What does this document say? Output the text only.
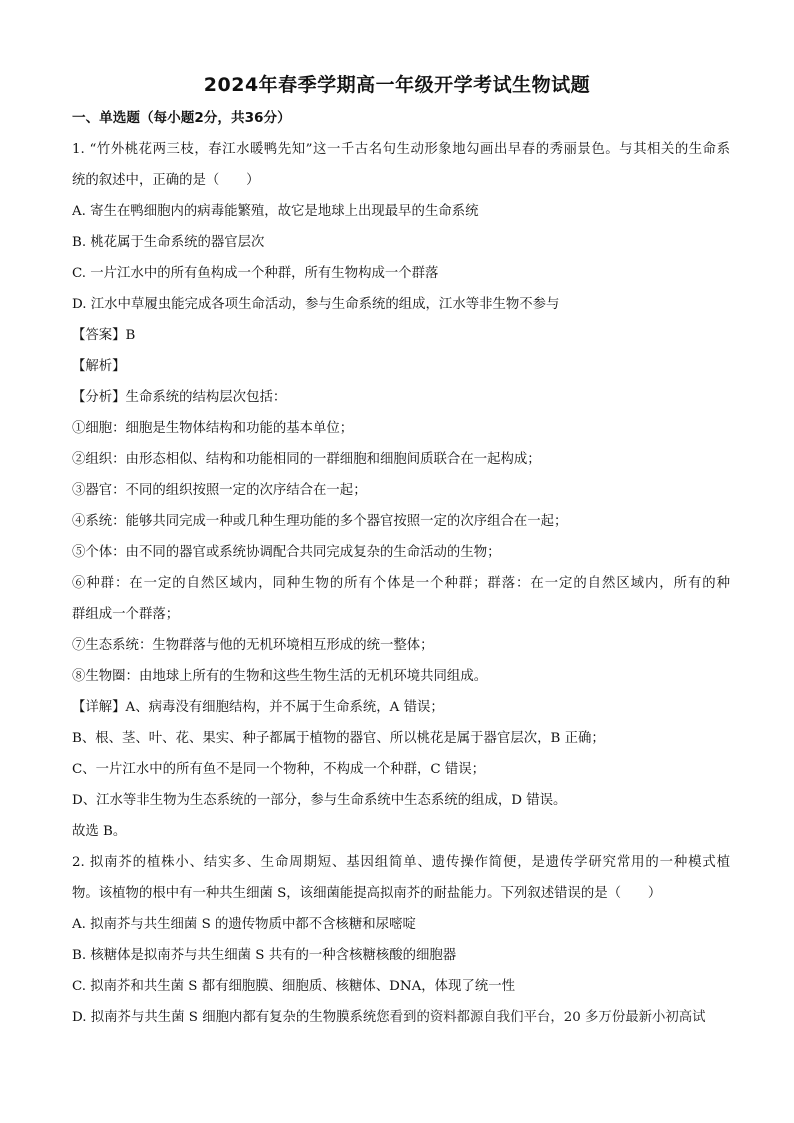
2024年春季学期高一年级开学考试生物试题
一、单选题（每小题2分，共36分）
1. “竹外桃花两三枝，春江水暖鸭先知”这一千古名句生动形象地勾画出早春的秀丽景色。与其相关的生命系
统的叙述中，正确的是（　　）
A. 寄生在鸭细胞内的病毒能繁殖，故它是地球上出现最早的生命系统
B. 桃花属于生命系统的器官层次
C. 一片江水中的所有鱼构成一个种群，所有生物构成一个群落
D. 江水中草履虫能完成各项生命活动，参与生命系统的组成，江水等非生物不参与
【答案】B
【解析】
【分析】生命系统的结构层次包括：
①细胞：细胞是生物体结构和功能的基本单位；
②组织：由形态相似、结构和功能相同的一群细胞和细胞间质联合在一起构成；
③器官：不同的组织按照一定的次序结合在一起；
④系统：能够共同完成一种或几种生理功能的多个器官按照一定的次序组合在一起；
⑤个体：由不同的器官或系统协调配合共同完成复杂的生命活动的生物；
⑥种群：在一定的自然区域内，同种生物的所有个体是一个种群；群落：在一定的自然区域内，所有的种
群组成一个群落；
⑦生态系统：生物群落与他的无机环境相互形成的统一整体；
⑧生物圈：由地球上所有的生物和这些生物生活的无机环境共同组成。
【详解】A、病毒没有细胞结构，并不属于生命系统，A 错误；
B、根、茎、叶、花、果实、种子都属于植物的器官、所以桃花是属于器官层次，B 正确；
C、一片江水中的所有鱼不是同一个物种，不构成一个种群，C 错误；
D、江水等非生物为生态系统的一部分，参与生命系统中生态系统的组成，D 错误。
故选 B。
2. 拟南芥的植株小、结实多、生命周期短、基因组简单、遗传操作简便，是遗传学研究常用的一种模式植
物。该植物的根中有一种共生细菌 S，该细菌能提高拟南芥的耐盐能力。下列叙述错误的是（　　）
A. 拟南芥与共生细菌 S 的遗传物质中都不含核糖和尿嘧啶
B. 核糖体是拟南芥与共生细菌 S 共有的一种含核糖核酸的细胞器
C. 拟南芥和共生菌 S 都有细胞膜、细胞质、核糖体、DNA，体现了统一性
D. 拟南芥与共生菌 S 细胞内都有复杂的生物膜系统您看到的资料都源自我们平台，20 多万份最新小初高试
